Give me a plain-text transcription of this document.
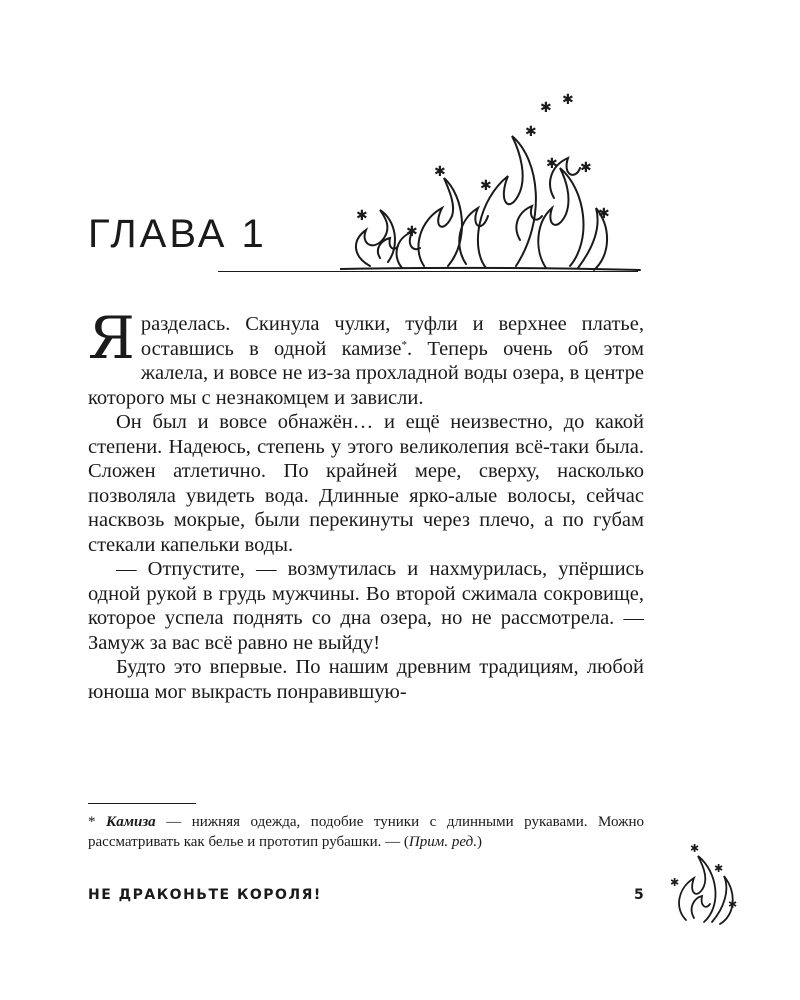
✱
✱
✱
✱
✱
✱ ✱
✱ ✱
✱
ГЛАВА 1

Я разделась. Скинула чулки, туфли и верхнее платье, оставшись в одной камизе*. Теперь очень об этом жалела, и вовсе не из-за прохладной воды озера, в центре которого мы с незнакомцем и зависли.

Он был и вовсе обнажён… и ещё неизвестно, до какой степени. Надеюсь, степень у этого великолепия всё-таки была. Сложен атлетично. По крайней мере, сверху, насколько позволяла увидеть вода. Длинные ярко-алые волосы, сейчас насквозь мокрые, были перекинуты через плечо, а по губам стекали капельки воды.

— Отпустите, — возмутилась и нахмурилась, упёршись одной рукой в грудь мужчины. Во второй сжимала сокровище, которое успела поднять со дна озера, но не рассмотрела. — Замуж за вас всё равно не выйду!

Будто это впервые. По нашим древним традициям, любой юноша мог выкрасть понравившую-

* Камиза — нижняя одежда, подобие туники с длинными рукавами. Можно рассматривать как белье и прототип рубашки. — (Прим. ред.)

НЕ ДРАКОНЬТЕ КОРОЛЯ!	5
✱
✱
✱
✱
